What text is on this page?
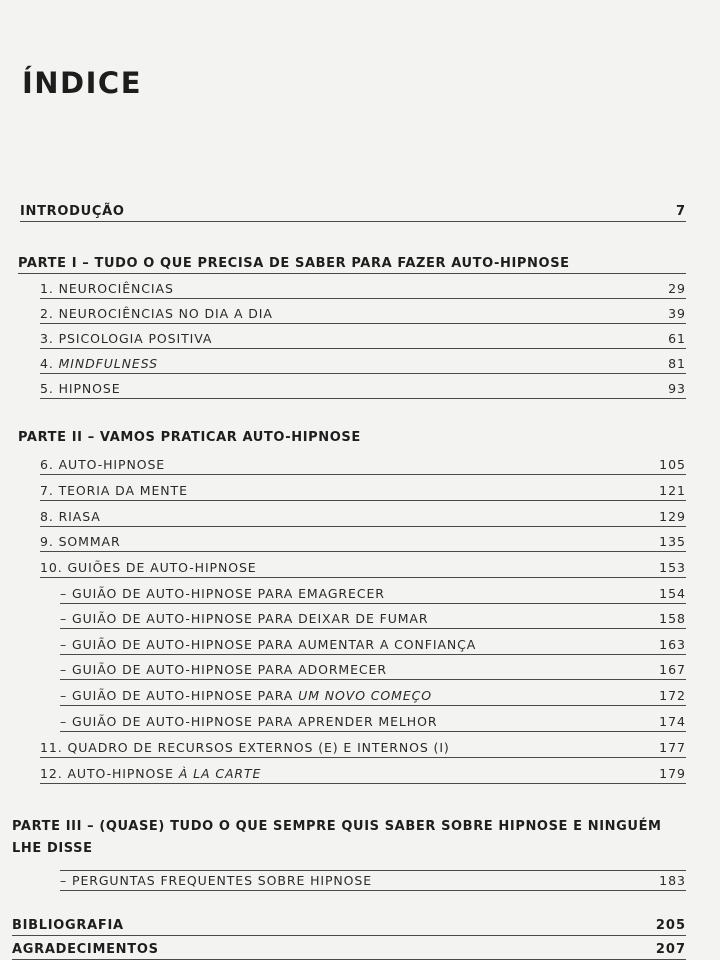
ÍNDICE
INTRODUÇÃO	7
PARTE I – TUDO O QUE PRECISA DE SABER PARA FAZER AUTO-HIPNOSE
1. NEUROCIÊNCIAS	29
2. NEUROCIÊNCIAS NO DIA A DIA	39
3. PSICOLOGIA POSITIVA	61
4. MINDFULNESS	81
5. HIPNOSE	93
PARTE II – VAMOS PRATICAR AUTO-HIPNOSE
6. AUTO-HIPNOSE	105
7. TEORIA DA MENTE	121
8. RIASA	129
9. SOMMAR	135
10. GUIÕES DE AUTO-HIPNOSE	153
– GUIÃO DE AUTO-HIPNOSE PARA EMAGRECER	154
– GUIÃO DE AUTO-HIPNOSE PARA DEIXAR DE FUMAR	158
– GUIÃO DE AUTO-HIPNOSE PARA AUMENTAR A CONFIANÇA	163
– GUIÃO DE AUTO-HIPNOSE PARA ADORMECER	167
– GUIÃO DE AUTO-HIPNOSE PARA UM NOVO COMEÇO	172
– GUIÃO DE AUTO-HIPNOSE PARA APRENDER MELHOR	174
11. QUADRO DE RECURSOS EXTERNOS (E) E INTERNOS (I)	177
12. AUTO-HIPNOSE À LA CARTE	179
PARTE III – (QUASE) TUDO O QUE SEMPRE QUIS SABER SOBRE HIPNOSE E NINGUÉM LHE DISSE
– PERGUNTAS FREQUENTES SOBRE HIPNOSE	183
BIBLIOGRAFIA	205
AGRADECIMENTOS	207
